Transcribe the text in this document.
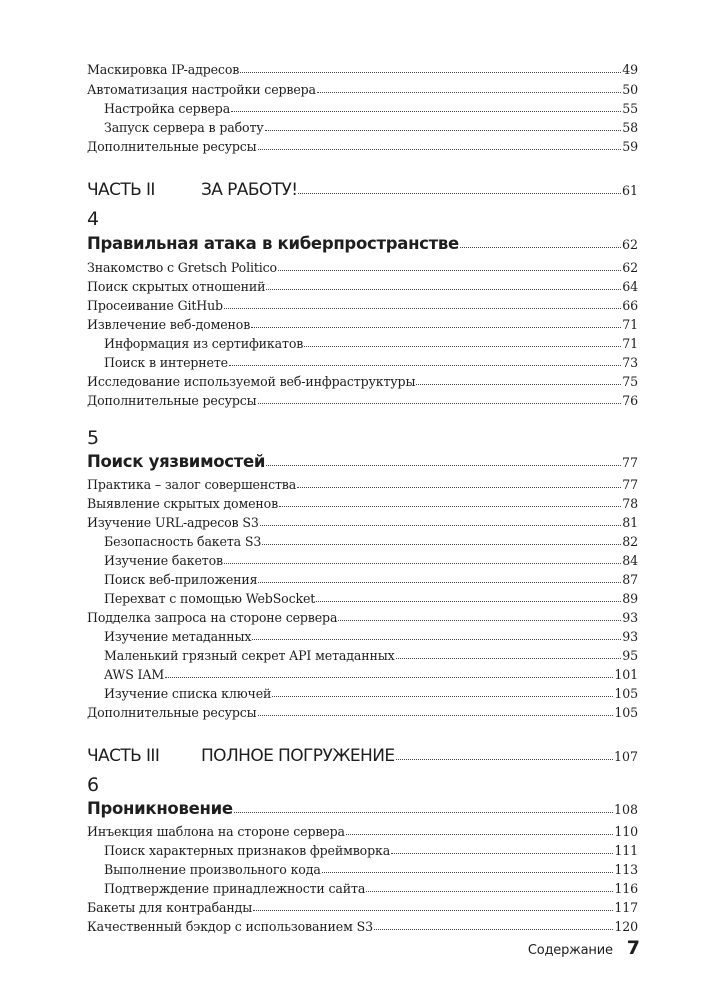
Маскировка IP-адресов	49
Автоматизация настройки сервера	50
Настройка сервера	55
Запуск сервера в работу	58
Дополнительные ресурсы	59
ЧАСТЬ II	ЗА РАБОТУ!	61
4
Правильная атака в киберпространстве	62
Знакомство с Gretsch Politico	62
Поиск скрытых отношений	64
Просеивание GitHub	66
Извлечение веб-доменов	71
Информация из сертификатов	71
Поиск в интернете	73
Исследование используемой веб-инфраструктуры	75
Дополнительные ресурсы	76
5
Поиск уязвимостей	77
Практика – залог совершенства	77
Выявление скрытых доменов	78
Изучение URL-адресов S3	81
Безопасность бакета S3	82
Изучение бакетов	84
Поиск веб-приложения	87
Перехват с помощью WebSocket	89
Подделка запроса на стороне сервера	93
Изучение метаданных	93
Маленький грязный секрет API метаданных	95
AWS IAM	101
Изучение списка ключей	105
Дополнительные ресурсы	105
ЧАСТЬ III	ПОЛНОЕ ПОГРУЖЕНИЕ	107
6
Проникновение	108
Инъекция шаблона на стороне сервера	110
Поиск характерных признаков фреймворка	111
Выполнение произвольного кода	113
Подтверждение принадлежности сайта	116
Бакеты для контрабанды	117
Качественный бэкдор с использованием S3	120
Содержание 7
